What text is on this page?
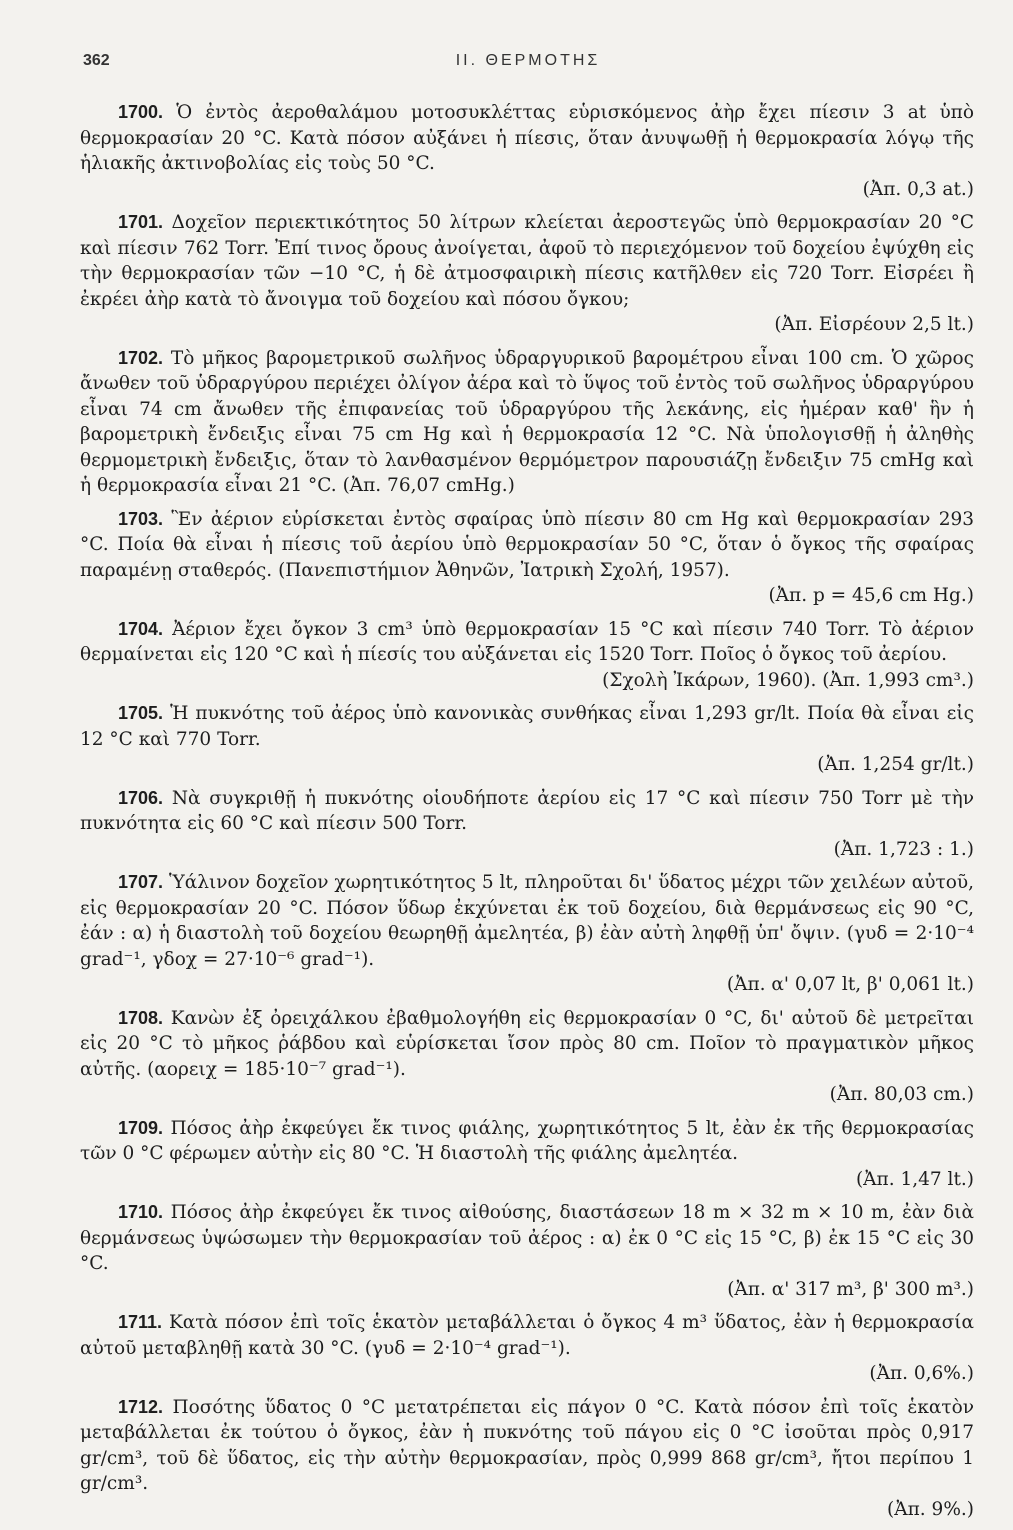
362	II. ΘΕΡΜΟΤΗΣ
1700. Ὁ ἐντὸς ἀεροθαλάμου μοτοσυκλέττας εὑρισκόμενος ἀὴρ ἔχει πίεσιν 3 at ὑπὸ θερμοκρασίαν 20 °C. Κατὰ πόσον αὐξάνει ἡ πίεσις, ὅταν ἀνυψωθῇ ἡ θερμοκρασία λόγῳ τῆς ἡλιακῆς ἀκτινοβολίας εἰς τοὺς 50 °C.
(Ἀπ. 0,3 at.)
1701. Δοχεῖον περιεκτικότητος 50 λίτρων κλείεται ἀεροστεγῶς ὑπὸ θερμοκρασίαν 20 °C καὶ πίεσιν 762 Torr. Ἐπί τινος ὄρους ἀνοίγεται, ἀφοῦ τὸ περιεχόμενον τοῦ δοχείου ἐψύχθη εἰς τὴν θερμοκρασίαν τῶν −10 °C, ἡ δὲ ἀτμοσφαιρικὴ πίεσις κατῆλθεν εἰς 720 Torr. Εἰσρέει ἢ ἐκρέει ἀὴρ κατὰ τὸ ἄνοιγμα τοῦ δοχείου καὶ πόσου ὄγκου;
(Ἀπ. Εἰσρέουν 2,5 lt.)
1702. Τὸ μῆκος βαρομετρικοῦ σωλῆνος ὑδραργυρικοῦ βαρομέτρου εἶναι 100 cm. Ὁ χῶρος ἄνωθεν τοῦ ὑδραργύρου περιέχει ὀλίγον ἀέρα καὶ τὸ ὕψος τοῦ ἐντὸς τοῦ σωλῆνος ὑδραργύρου εἶναι 74 cm ἄνωθεν τῆς ἐπιφανείας τοῦ ὑδραργύρου τῆς λεκάνης, εἰς ἡμέραν καθ' ἣν ἡ βαρομετρικὴ ἔνδειξις εἶναι 75 cm Hg καὶ ἡ θερμοκρασία 12 °C. Νὰ ὑπολογισθῇ ἡ ἀληθὴς θερμομετρικὴ ἔνδειξις, ὅταν τὸ λανθασμένον θερμόμετρον παρουσιάζῃ ἔνδειξιν 75 cmHg καὶ ἡ θερμοκρασία εἶναι 21 °C. (Ἀπ. 76,07 cmHg.)
1703. Ἓν ἀέριον εὑρίσκεται ἐντὸς σφαίρας ὑπὸ πίεσιν 80 cm Hg καὶ θερμοκρασίαν 293 °C. Ποία θὰ εἶναι ἡ πίεσις τοῦ ἀερίου ὑπὸ θερμοκρασίαν 50 °C, ὅταν ὁ ὄγκος τῆς σφαίρας παραμένῃ σταθερός. (Πανεπιστήμιον Ἀθηνῶν, Ἰατρικὴ Σχολή, 1957).
(Ἀπ. p = 45,6 cm Hg.)
1704. Ἀέριον ἔχει ὄγκον 3 cm³ ὑπὸ θερμοκρασίαν 15 °C καὶ πίεσιν 740 Torr. Τὸ ἀέριον θερμαίνεται εἰς 120 °C καὶ ἡ πίεσίς του αὐξάνεται εἰς 1520 Torr. Ποῖος ὁ ὄγκος τοῦ ἀερίου.
(Σχολὴ Ἰκάρων, 1960). (Ἀπ. 1,993 cm³.)
1705. Ἡ πυκνότης τοῦ ἀέρος ὑπὸ κανονικὰς συνθήκας εἶναι 1,293 gr/lt. Ποία θὰ εἶναι εἰς 12 °C καὶ 770 Torr.
(Ἀπ. 1,254 gr/lt.)
1706. Νὰ συγκριθῇ ἡ πυκνότης οἱουδήποτε ἀερίου εἰς 17 °C καὶ πίεσιν 750 Torr μὲ τὴν πυκνότητα εἰς 60 °C καὶ πίεσιν 500 Torr.
(Ἀπ. 1,723 : 1.)
1707. Ὑάλινον δοχεῖον χωρητικότητος 5 lt, πληροῦται δι' ὕδατος μέχρι τῶν χειλέων αὐτοῦ, εἰς θερμοκρασίαν 20 °C. Πόσον ὕδωρ ἐκχύνεται ἐκ τοῦ δοχείου, διὰ θερμάνσεως εἰς 90 °C, ἐάν : α) ἡ διαστολὴ τοῦ δοχείου θεωρηθῇ ἀμελητέα, β) ἐὰν αὐτὴ ληφθῇ ὑπ' ὄψιν. (γυδ = 2·10⁻⁴ grad⁻¹, γδοχ = 27·10⁻⁶ grad⁻¹).
(Ἀπ. α' 0,07 lt, β' 0,061 lt.)
1708. Κανὼν ἐξ ὀρειχάλκου ἐβαθμολογήθη εἰς θερμοκρασίαν 0 °C, δι' αὐτοῦ δὲ μετρεῖται εἰς 20 °C τὸ μῆκος ῥάβδου καὶ εὑρίσκεται ἴσον πρὸς 80 cm. Ποῖον τὸ πραγματικὸν μῆκος αὐτῆς. (αορειχ = 185·10⁻⁷ grad⁻¹).
(Ἀπ. 80,03 cm.)
1709. Πόσος ἀὴρ ἐκφεύγει ἔκ τινος φιάλης, χωρητικότητος 5 lt, ἐὰν ἐκ τῆς θερμοκρασίας τῶν 0 °C φέρωμεν αὐτὴν εἰς 80 °C. Ἡ διαστολὴ τῆς φιάλης ἀμελητέα.
(Ἀπ. 1,47 lt.)
1710. Πόσος ἀὴρ ἐκφεύγει ἔκ τινος αἰθούσης, διαστάσεων 18 m × 32 m × 10 m, ἐὰν διὰ θερμάνσεως ὑψώσωμεν τὴν θερμοκρασίαν τοῦ ἀέρος : α) ἐκ 0 °C εἰς 15 °C, β) ἐκ 15 °C εἰς 30 °C.
(Ἀπ. α' 317 m³, β' 300 m³.)
1711. Κατὰ πόσον ἐπὶ τοῖς ἑκατὸν μεταβάλλεται ὁ ὄγκος 4 m³ ὕδατος, ἐὰν ἡ θερμοκρασία αὐτοῦ μεταβληθῇ κατὰ 30 °C. (γυδ = 2·10⁻⁴ grad⁻¹).
(Ἀπ. 0,6%.)
1712. Ποσότης ὕδατος 0 °C μετατρέπεται εἰς πάγον 0 °C. Κατὰ πόσον ἐπὶ τοῖς ἑκατὸν μεταβάλλεται ἐκ τούτου ὁ ὄγκος, ἐὰν ἡ πυκνότης τοῦ πάγου εἰς 0 °C ἰσοῦται πρὸς 0,917 gr/cm³, τοῦ δὲ ὕδατος, εἰς τὴν αὐτὴν θερμοκρασίαν, πρὸς 0,999 868 gr/cm³, ἤτοι περίπου 1 gr/cm³.
(Ἀπ. 9%.)
